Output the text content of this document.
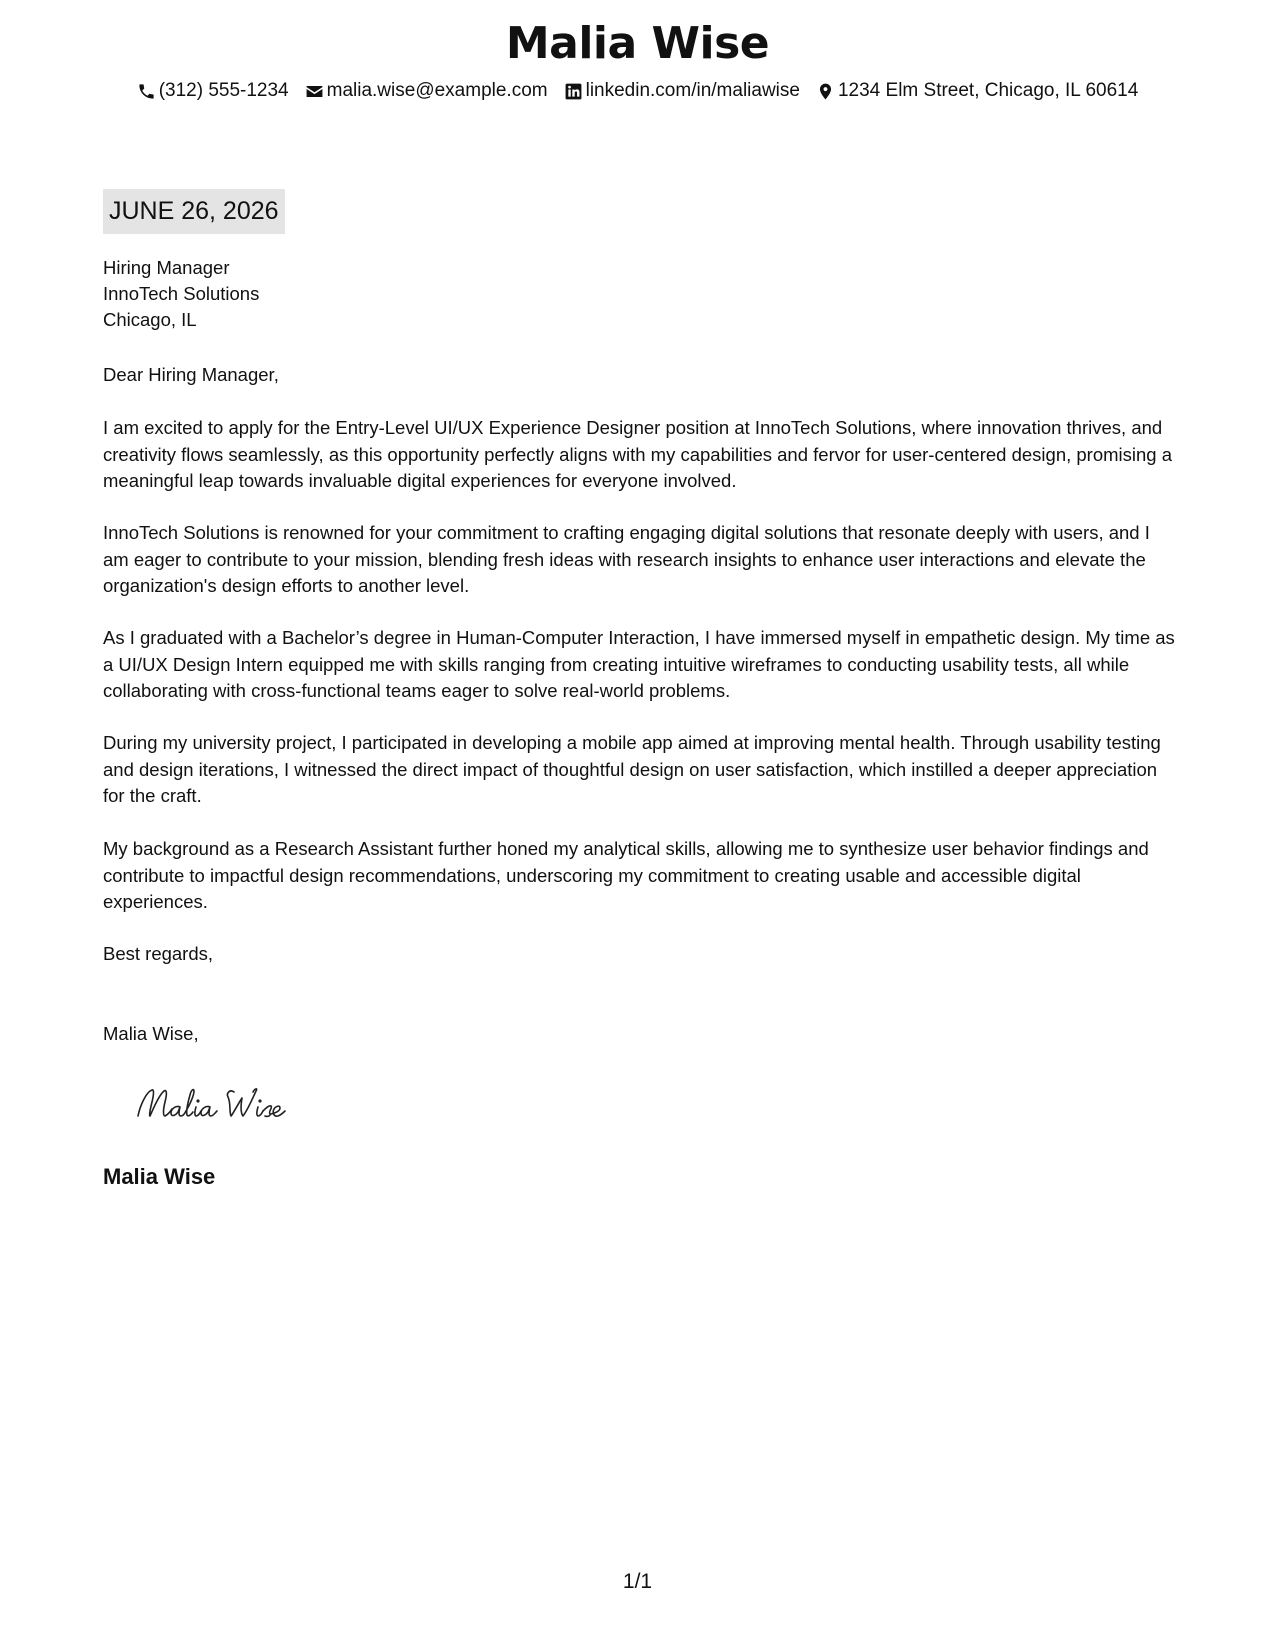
Malia Wise
(312) 555-1234 malia.wise@example.com linkedin.com/in/maliawise 1234 Elm Street, Chicago, IL 60614
JUNE 26, 2026
Hiring Manager
InnoTech Solutions
Chicago, IL

Dear Hiring Manager,

I am excited to apply for the Entry-Level UI/UX Experience Designer position at InnoTech Solutions, where innovation thrives, and creativity flows seamlessly, as this opportunity perfectly aligns with my capabilities and fervor for user-centered design, promising a meaningful leap towards invaluable digital experiences for everyone involved.

InnoTech Solutions is renowned for your commitment to crafting engaging digital solutions that resonate deeply with users, and I am eager to contribute to your mission, blending fresh ideas with research insights to enhance user interactions and elevate the organization's design efforts to another level.

As I graduated with a Bachelor’s degree in Human-Computer Interaction, I have immersed myself in empathetic design. My time as a UI/UX Design Intern equipped me with skills ranging from creating intuitive wireframes to conducting usability tests, all while collaborating with cross-functional teams eager to solve real-world problems.

During my university project, I participated in developing a mobile app aimed at improving mental health. Through usability testing and design iterations, I witnessed the direct impact of thoughtful design on user satisfaction, which instilled a deeper appreciation for the craft.

My background as a Research Assistant further honed my analytical skills, allowing me to synthesize user behavior findings and contribute to impactful design recommendations, underscoring my commitment to creating usable and accessible digital experiences.

Best regards,

Malia Wise,

Malia Wise

1/1
